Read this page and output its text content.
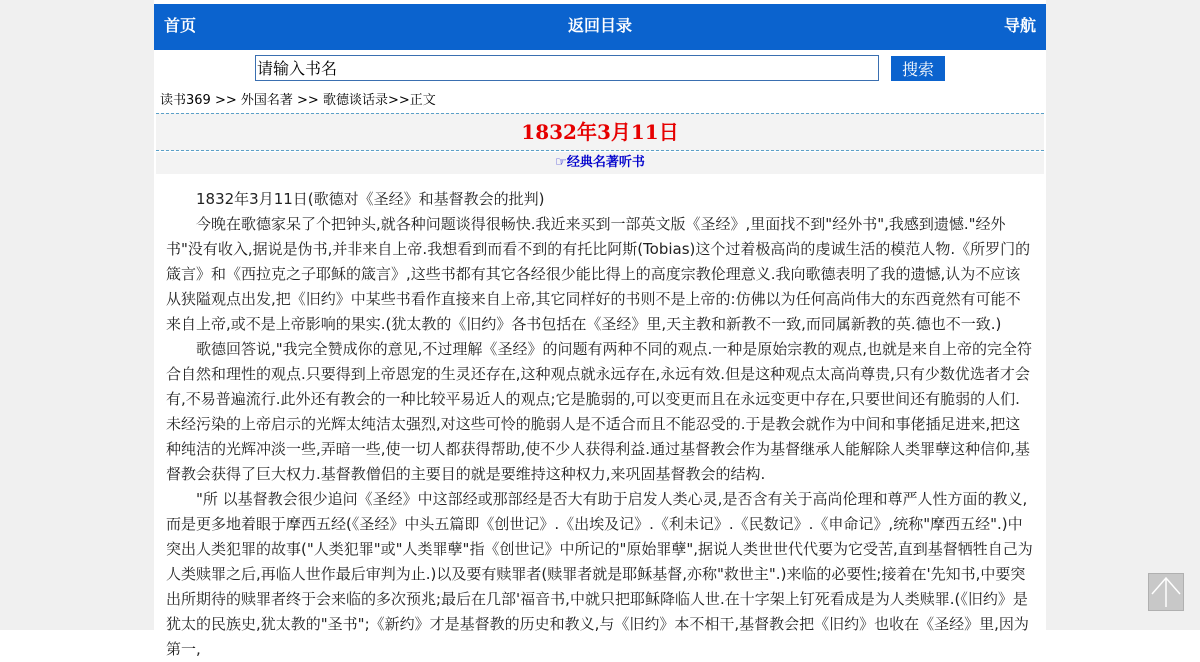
返回目录
首页	导航
请输入书名
搜索
读书369 >> 外国名著 >> 歌德谈话录>>正文
1832年3月11日
☞经典名著听书

1832年3月11日(歌德对《圣经》和基督教会的批判)

今晚在歌德家呆了个把钟头,就各种问题谈得很畅快.我近来买到一部英文版《圣经》,里面找不到"经外书",我感到遗憾."经外书"没有收入,据说是伪书,并非来自上帝.我想看到而看不到的有托比阿斯(Tobias)这个过着极高尚的虔诚生活的模范人物.《所罗门的箴言》和《西拉克之子耶稣的箴言》,这些书都有其它各经很少能比得上的高度宗教伦理意义.我向歌德表明了我的遗憾,认为不应该从狭隘观点出发,把《旧约》中某些书看作直接来自上帝,其它同样好的书则不是上帝的:仿佛以为任何高尚伟大的东西竟然有可能不来自上帝,或不是上帝影响的果实.(犹太教的《旧约》各书包括在《圣经》里,天主教和新教不一致,而同属新教的英.德也不一致.)

歌德回答说,"我完全赞成你的意见,不过理解《圣经》的问题有两种不同的观点.一种是原始宗教的观点,也就是来自上帝的完全符合自然和理性的观点.只要得到上帝恩宠的生灵还存在,这种观点就永远存在,永远有效.但是这种观点太高尚尊贵,只有少数优选者才会有,不易普遍流行.此外还有教会的一种比较平易近人的观点;它是脆弱的,可以变更而且在永远变更中存在,只要世间还有脆弱的人们.未经污染的上帝启示的光辉太纯洁太强烈,对这些可怜的脆弱人是不适合而且不能忍受的.于是教会就作为中间和事佬插足进来,把这种纯洁的光辉冲淡一些,弄暗一些,使一切人都获得帮助,使不少人获得利益.通过基督教会作为基督继承人能解除人类罪孽这种信仰,基督教会获得了巨大权力.基督教僧侣的主要目的就是要维持这种权力,来巩固基督教会的结构.

"所 以基督教会很少追问《圣经》中这部经或那部经是否大有助于启发人类心灵,是否含有关于高尚伦理和尊严人性方面的教义,而是更多地着眼于摩西五经(《圣经》中头五篇即《创世记》.《出埃及记》.《利未记》.《民数记》.《申命记》,统称"摩西五经".)中突出人类犯罪的故事("人类犯罪"或"人类罪孽"指《创世记》中所记的"原始罪孽",据说人类世世代代要为它受苦,直到基督牺牲自己为人类赎罪之后,再临人世作最后审判为止.)以及要有赎罪者(赎罪者就是耶稣基督,亦称"救世主".)来临的必要性;接着在'先知书,中要突出所期待的赎罪者终于会来临的多次预兆;最后在几部'福音书,中就只把耶稣降临人世.在十字架上钉死看成是为人类赎罪.(《旧约》是犹太的民族史,犹太教的"圣书";《新约》才是基督教的历史和教义,与《旧约》本不相干,基督教会把《旧约》也收在《圣经》里,因为第一,
